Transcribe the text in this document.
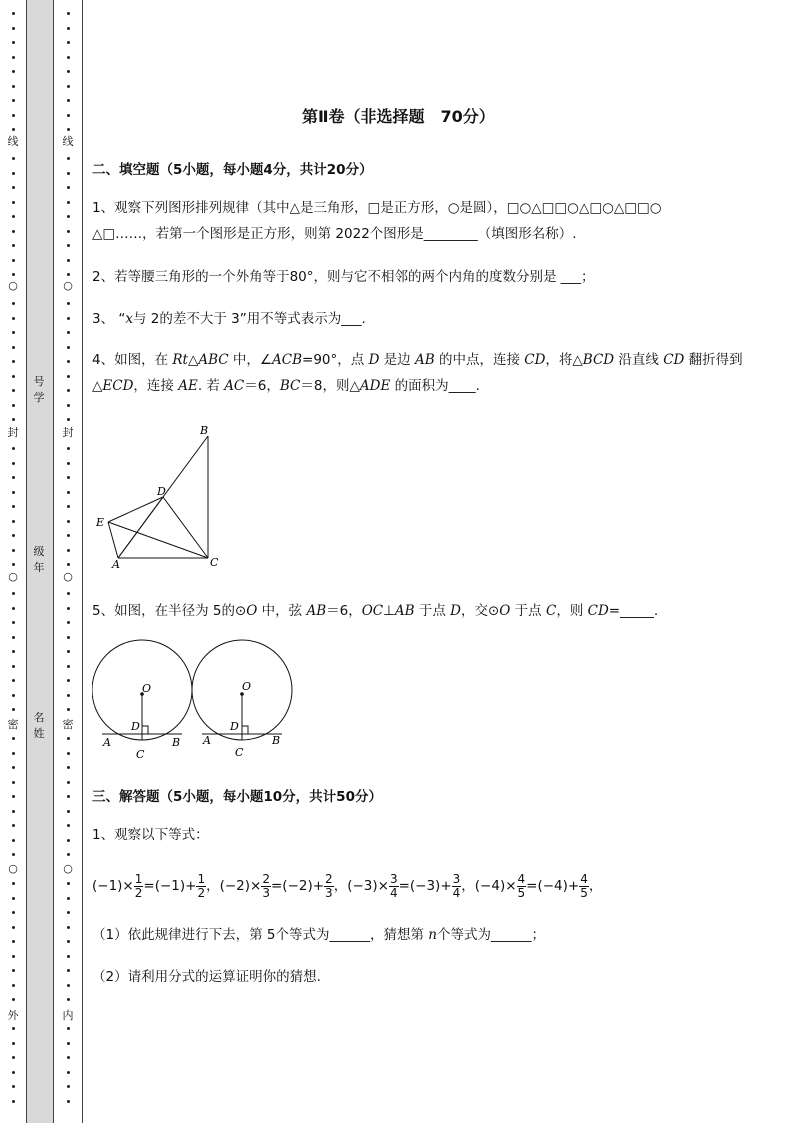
线
○
封
○
密
○
外
线
○
封
○
密
○
内
号
学
级
年
名
姓
第Ⅱ卷（非选择题　70分）
二、填空题（5小题，每小题4分，共计20分）
1、观察下列图形排列规律（其中△是三角形，□是正方形，○是圆），□○△□□○△□○△□□○
△□……，若第一个图形是正方形，则第 2022个图形是________（填图形名称）.
2、若等腰三角形的一个外角等于80°，则与它不相邻的两个内角的度数分别是 ___；
3、 “x与 2的差不大于 3”用不等式表示为___.
4、如图，在 Rt△ABC 中，∠ACB=90°，点 D 是边 AB 的中点，连接 CD，将△BCD 沿直线 CD 翻折得到
△ECD，连接 AE. 若 AC＝6，BC＝8，则△ADE 的面积为____.
B
D
E
A	C
5、如图，在半径为 5的⊙O 中，弦 AB＝6，OC⊥AB 于点 D，交⊙O 于点 C，则 CD=_____.
O
D
A	B
C
O
D
A	B
C
三、解答题（5小题，每小题10分，共计50分）
1、观察以下等式：
$(-1)\times \frac{1}{2} =(-1)+ \frac{1}{2}$ ，$(-2)\times \frac{2}{3} =(-2)+ \frac{2}{3}$ ，$(-3)\times \frac{3}{4} =(-3)+ \frac{3}{4}$ ，$(-4)\times \frac{4}{5} =(-4)+ \frac{4}{5}$ ，
（1）依此规律进行下去，第 5个等式为______，猜想第 n个等式为______；
（2）请利用分式的运算证明你的猜想.
